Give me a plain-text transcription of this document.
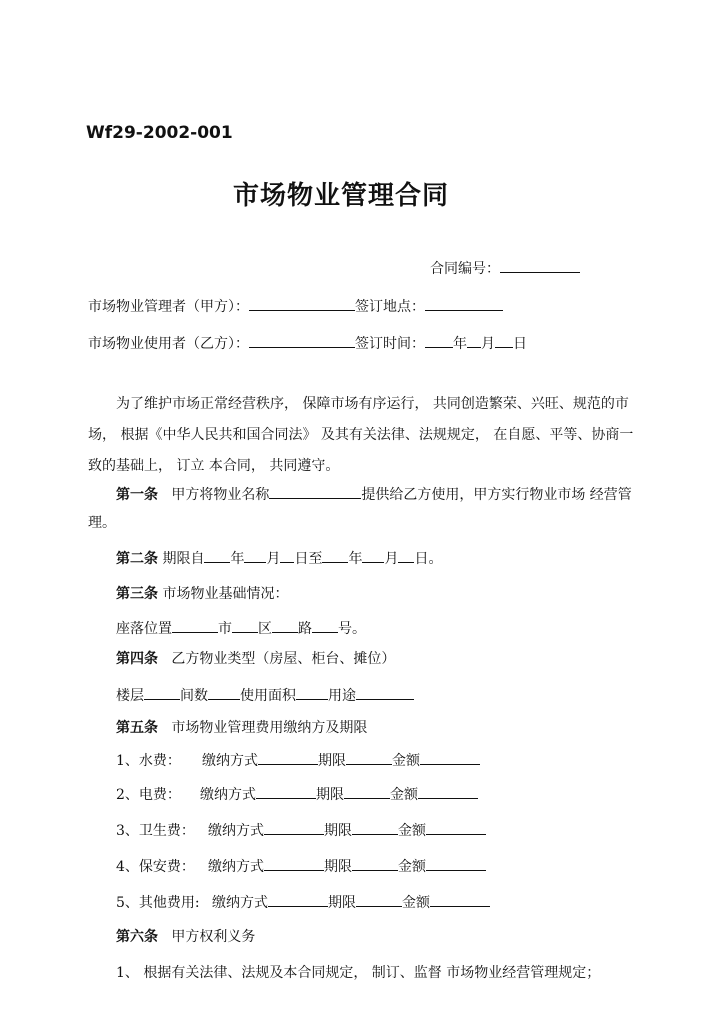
Wf29-2002-001
市场物业管理合同
合同编号：
市场物业管理者（甲方）：	签订地点：
市场物业使用者（乙方）：	签订时间： 年 月 日
为了维护市场正常经营秩序， 保障市场有序运行， 共同创造繁荣、兴旺、规范的市场， 根据《中华人民共和国合同法》 及其有关法律、法规规定， 在自愿、平等、协商一致的基础上， 订立 本合同， 共同遵守。
第一条 甲方将物业名称	提供给乙方使用，甲方实行物业市场 经营管
理。
第二条 期限自 年 月 日至 年 月 日。
第三条 市场物业基础情况：
座落位置	市 区 路 号。
第四条 乙方物业类型（房屋、柜台、摊位）
楼层	间数 使用面积 用途
第五条 市场物业管理费用缴纳方及期限
1、水费： 缴纳方式	期限	金额
2、电费： 缴纳方式	期限	金额
3、卫生费： 缴纳方式	期限	金额
4、保安费： 缴纳方式	期限	金额
5、其他费用: 缴纳方式	期限	金额
第六条 甲方权利义务
1、 根据有关法律、法规及本合同规定， 制订、监督 市场物业经营管理规定；
